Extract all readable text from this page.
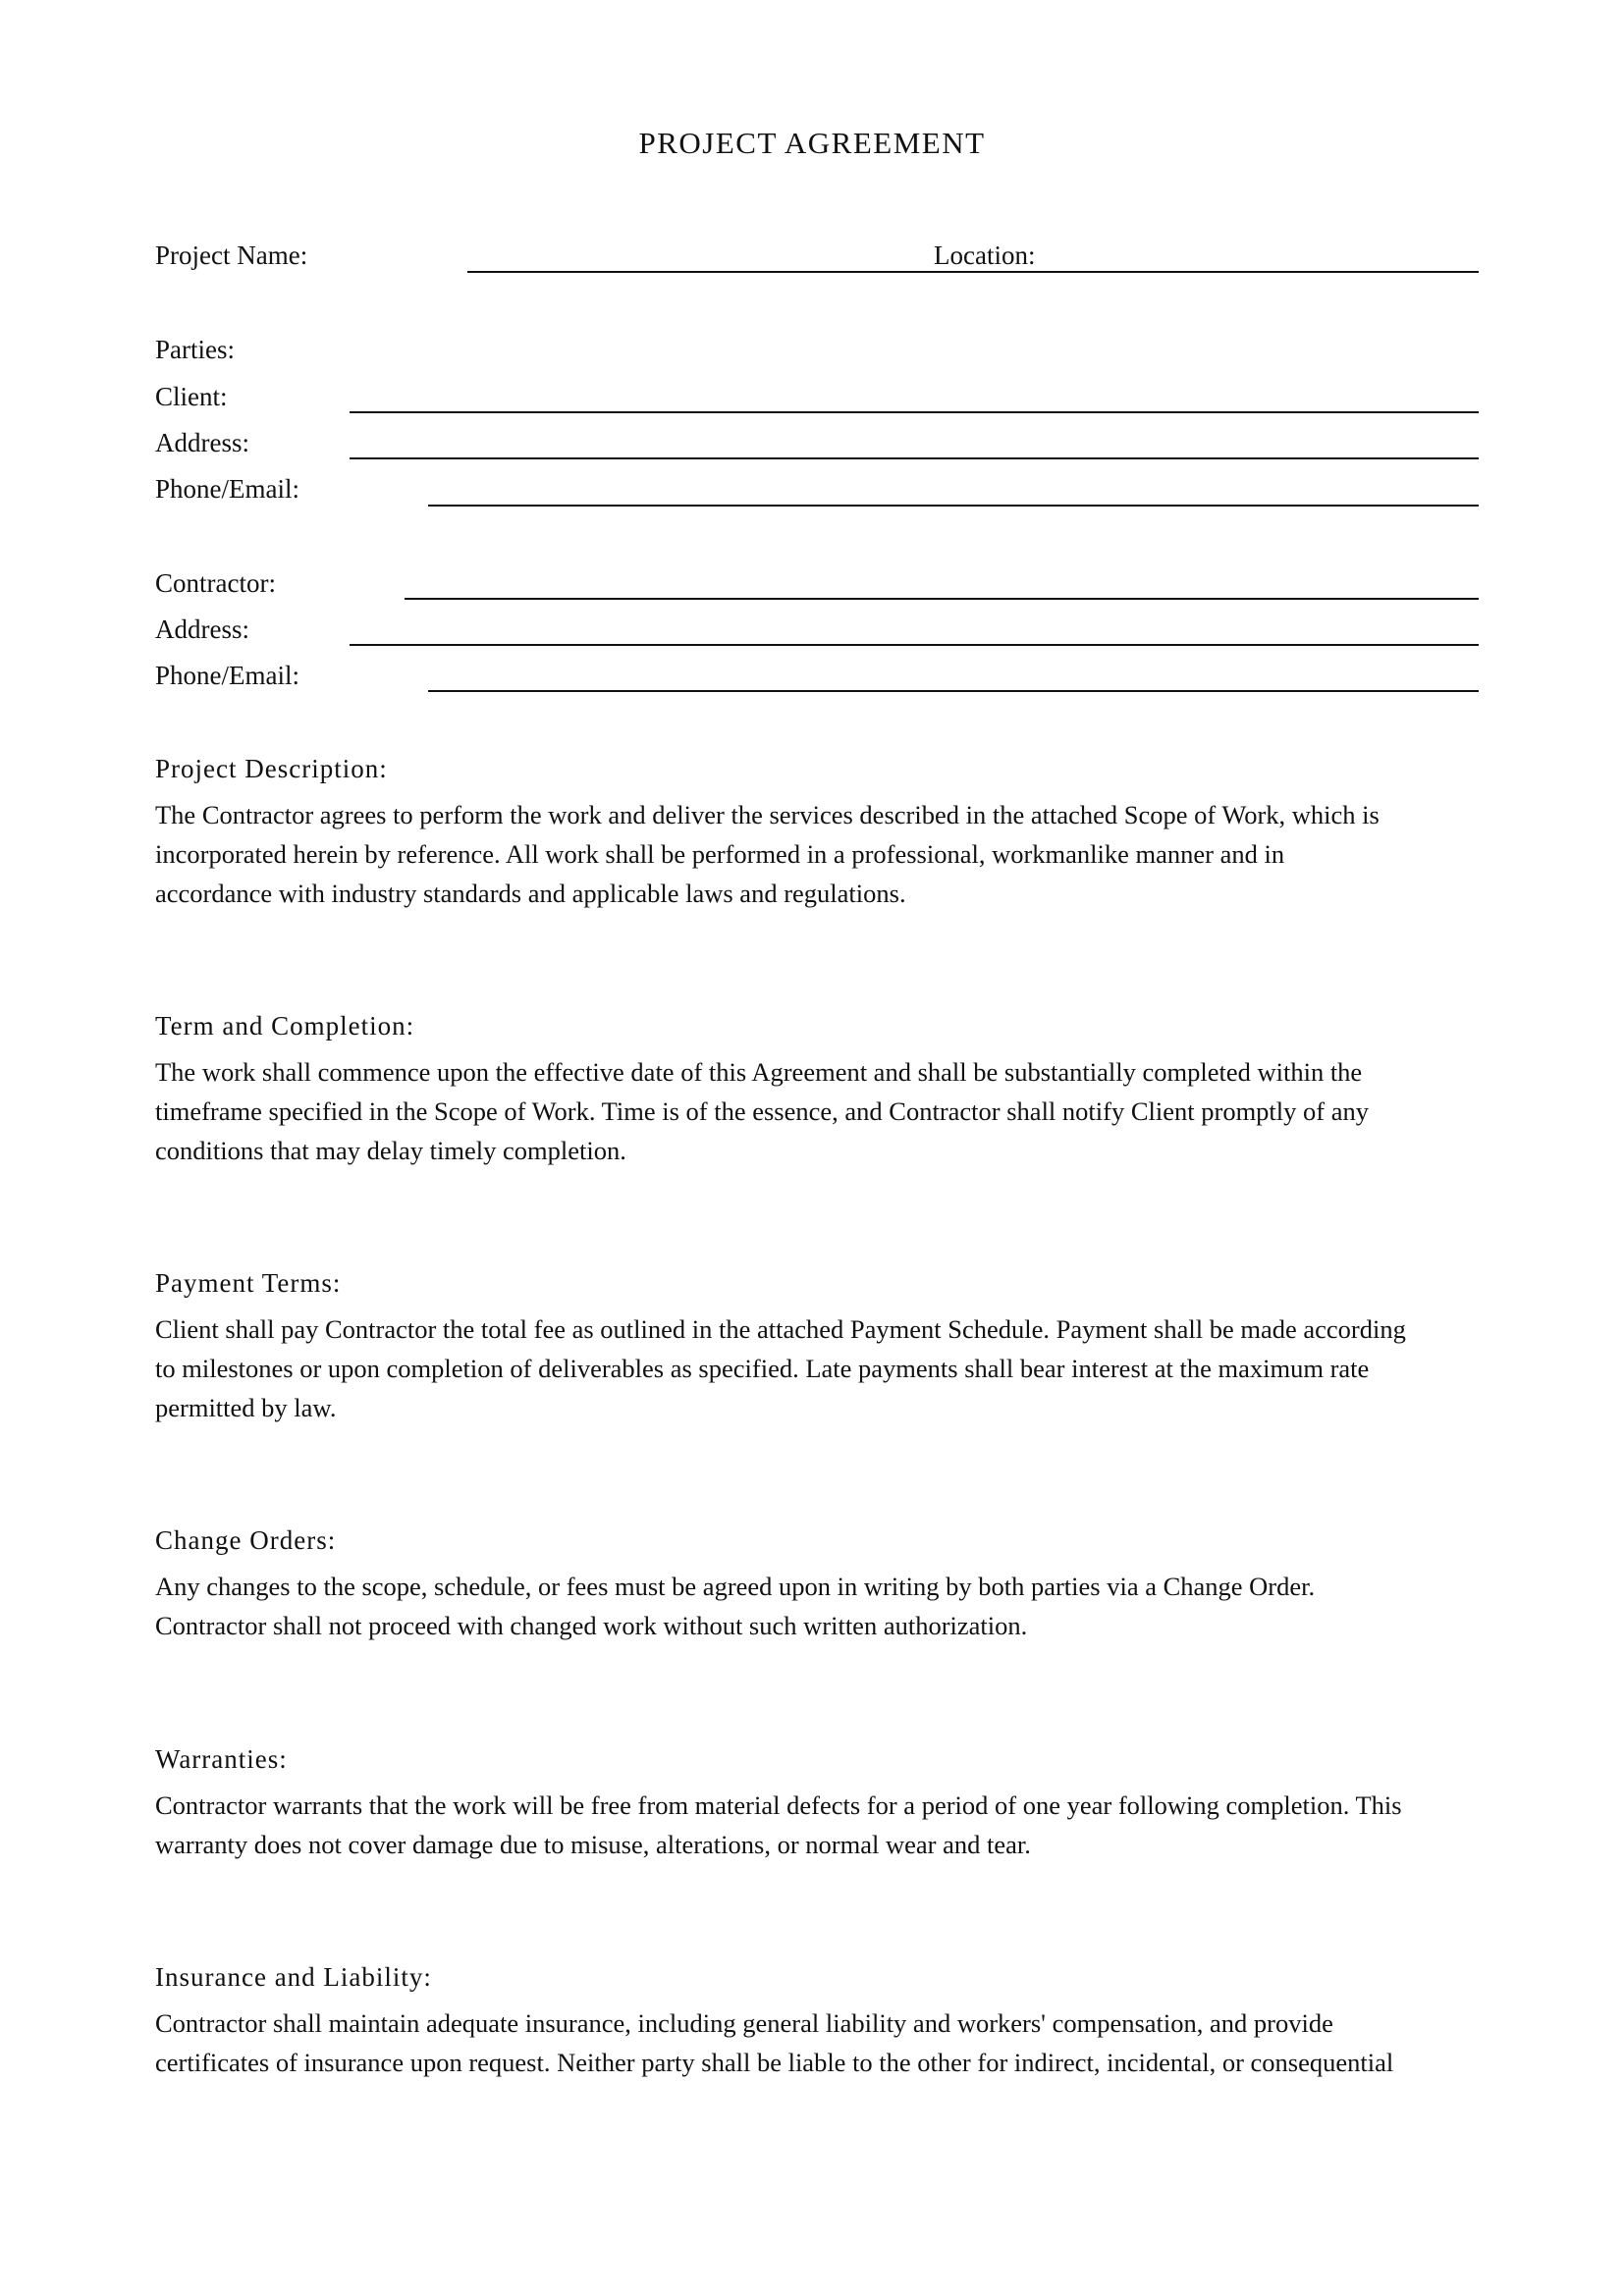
PROJECT AGREEMENT
Project Name:	Location:
Parties:
Client:
Address:
Phone/Email:
Contractor:
Address:
Phone/Email:
Project Description:
The Contractor agrees to perform the work and deliver the services described in the attached Scope of Work, which is
incorporated herein by reference. All work shall be performed in a professional, workmanlike manner and in
accordance with industry standards and applicable laws and regulations.
Term and Completion:
The work shall commence upon the effective date of this Agreement and shall be substantially completed within the
timeframe specified in the Scope of Work. Time is of the essence, and Contractor shall notify Client promptly of any
conditions that may delay timely completion.
Payment Terms:
Client shall pay Contractor the total fee as outlined in the attached Payment Schedule. Payment shall be made according
to milestones or upon completion of deliverables as specified. Late payments shall bear interest at the maximum rate
permitted by law.
Change Orders:
Any changes to the scope, schedule, or fees must be agreed upon in writing by both parties via a Change Order.
Contractor shall not proceed with changed work without such written authorization.
Warranties:
Contractor warrants that the work will be free from material defects for a period of one year following completion. This
warranty does not cover damage due to misuse, alterations, or normal wear and tear.
Insurance and Liability:
Contractor shall maintain adequate insurance, including general liability and workers' compensation, and provide
certificates of insurance upon request. Neither party shall be liable to the other for indirect, incidental, or consequential
